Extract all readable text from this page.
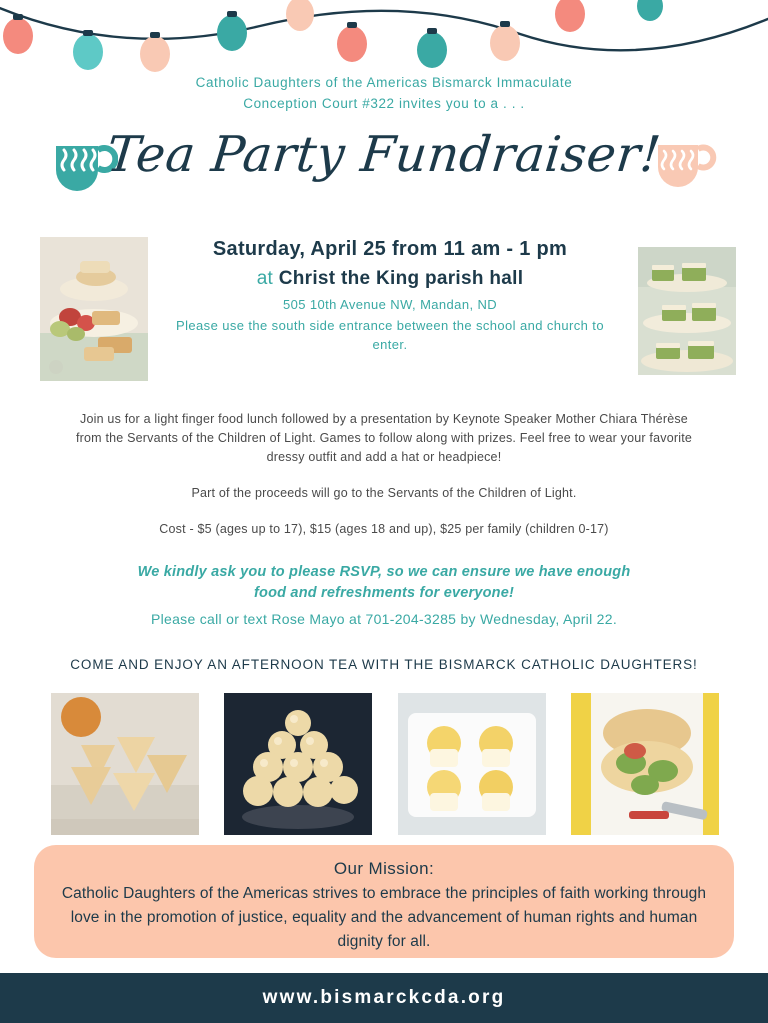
Catholic Daughters of the Americas Bismarck Immaculate
Conception Court #322 invites you to a . . .
Tea Party Fundraiser!
Saturday, April 25 from 11 am - 1 pm
at Christ the King parish hall
505 10th Avenue NW, Mandan, ND
Please use the south side entrance between the school and church to enter.

Join us for a light finger food lunch followed by a presentation by Keynote Speaker Mother Chiara Thérèse from the Servants of the Children of Light. Games to follow along with prizes. Feel free to wear your favorite dressy outfit and add a hat or headpiece!

Part of the proceeds will go to the Servants of the Children of Light.

Cost - $5 (ages up to 17), $15 (ages 18 and up), $25 per family (children 0-17)

We kindly ask you to please RSVP, so we can ensure we have enough
food and refreshments for everyone!
Please call or text Rose Mayo at 701-204-3285 by Wednesday, April 22.
COME AND ENJOY AN AFTERNOON TEA WITH THE BISMARCK CATHOLIC DAUGHTERS!
Our Mission:
Catholic Daughters of the Americas strives to embrace the principles of faith working through love in the promotion of justice, equality and the advancement of human rights and human dignity for all.
www.bismarckcda.org
